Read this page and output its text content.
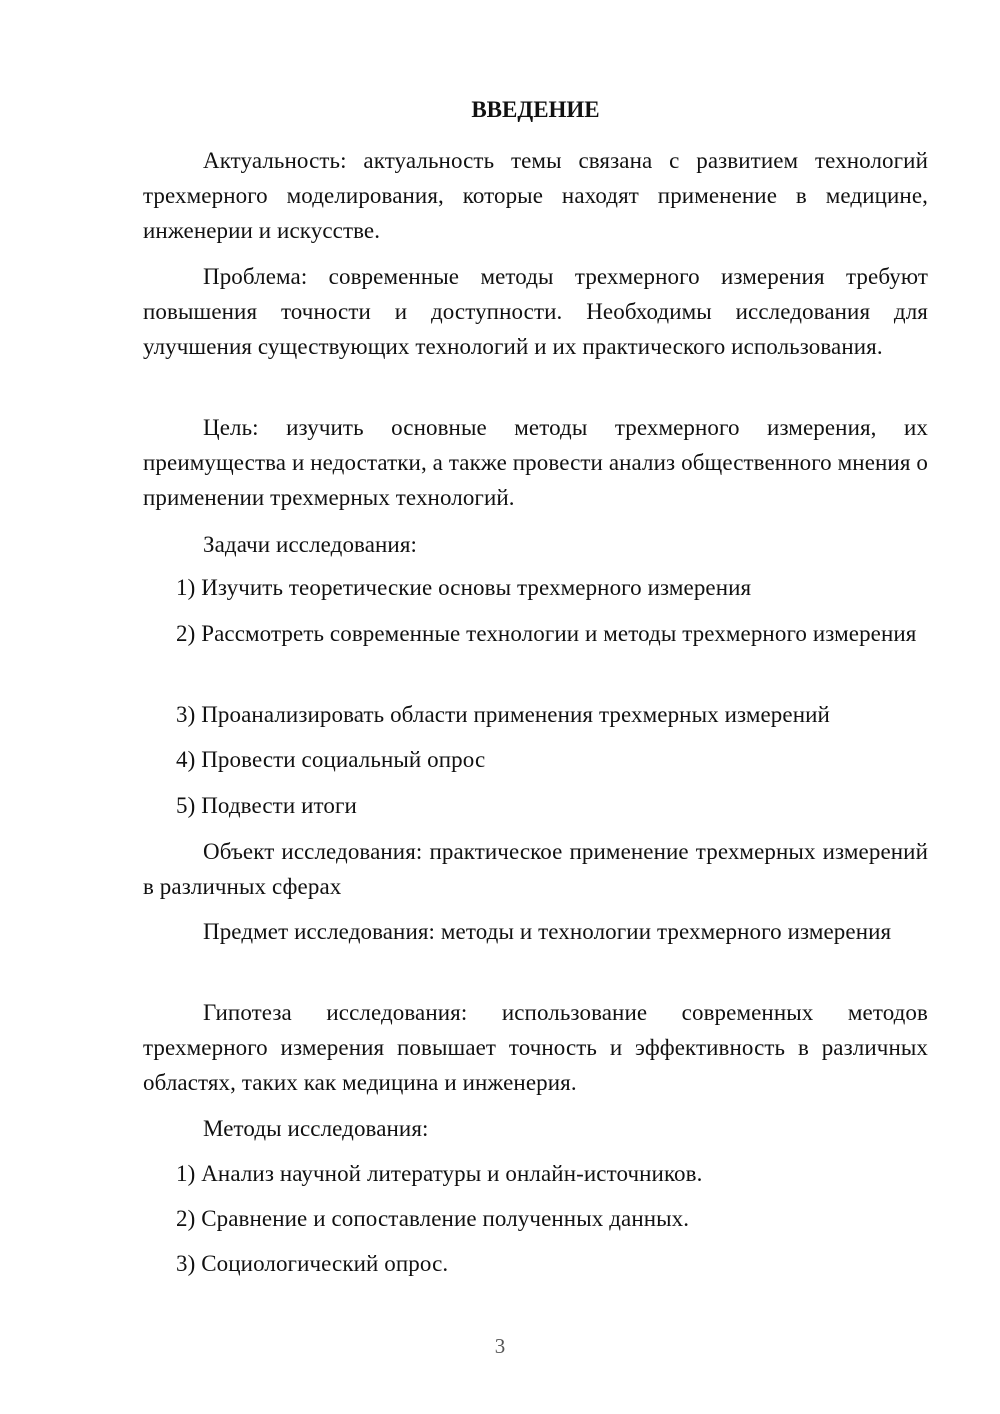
ВВЕДЕНИЕ

Актуальность: актуальность темы связана с развитием технологий трехмерного моделирования, которые находят применение в медицине, инженерии и искусстве.

Проблема: современные методы трехмерного измерения требуют повышения точности и доступности. Необходимы исследования для улучшения существующих технологий и их практического использования.

Цель: изучить основные методы трехмерного измерения, их преимущества и недостатки, а также провести анализ общественного мнения о применении трехмерных технологий.

Задачи исследования:

1) Изучить теоретические основы трехмерного измерения

2) Рассмотреть современные технологии и методы трехмерного измерения

3) Проанализировать области применения трехмерных измерений

4) Провести социальный опрос

5) Подвести итоги

Объект исследования: практическое применение трехмерных измерений в различных сферах

Предмет исследования: методы и технологии трехмерного измерения

Гипотеза исследования: использование современных методов трехмерного измерения повышает точность и эффективность в различных областях, таких как медицина и инженерия.

Методы исследования:

1) Анализ научной литературы и онлайн-источников.

2) Сравнение и сопоставление полученных данных.

3) Социологический опрос.

3
